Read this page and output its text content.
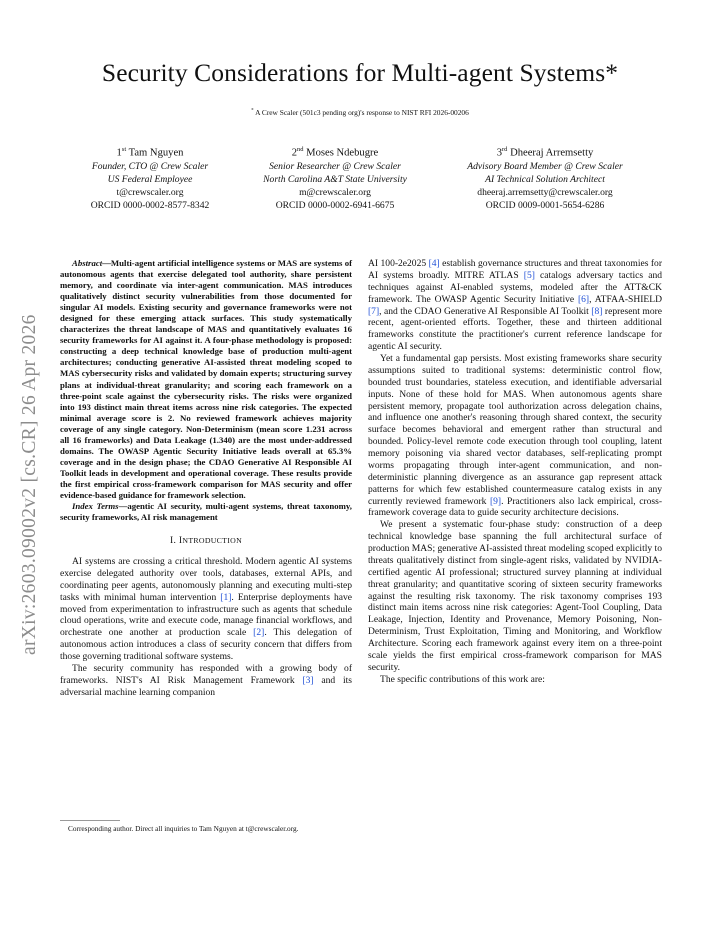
Security Considerations for Multi-agent Systems*
* A Crew Scaler (501c3 pending org)'s response to NIST RFI 2026-00206
1st Tam Nguyen
Founder, CTO @ Crew Scaler
US Federal Employee
t@crewscaler.org
ORCID 0000-0002-8577-8342
2nd Moses Ndebugre
Senior Researcher @ Crew Scaler
North Carolina A&T State University
m@crewscaler.org
ORCID 0000-0002-6941-6675
3rd Dheeraj Arremsetty
Advisory Board Member @ Crew Scaler
AI Technical Solution Architect
dheeraj.arremsetty@crewscaler.org
ORCID 0009-0001-5654-6286
arXiv:2603.09002v2 [cs.CR] 26 Apr 2026

Abstract—Multi-agent artificial intelligence systems or MAS are systems of autonomous agents that exercise delegated tool authority, share persistent memory, and coordinate via inter-agent communication. MAS introduces qualitatively distinct security vulnerabilities from those documented for singular AI models. Existing security and governance frameworks were not designed for these emerging attack surfaces. This study systematically characterizes the threat landscape of MAS and quantitatively evaluates 16 security frameworks for AI against it. A four-phase methodology is proposed: constructing a deep technical knowledge base of production multi-agent architectures; conducting generative AI-assisted threat modeling scoped to MAS cybersecurity risks and validated by domain experts; structuring survey plans at individual-threat granularity; and scoring each framework on a three-point scale against the cybersecurity risks. The risks were organized into 193 distinct main threat items across nine risk categories. The expected minimal average score is 2. No reviewed framework achieves majority coverage of any single category. Non-Determinism (mean score 1.231 across all 16 frameworks) and Data Leakage (1.340) are the most under-addressed domains. The OWASP Agentic Security Initiative leads overall at 65.3% coverage and in the design phase; the CDAO Generative AI Responsible AI Toolkit leads in development and operational coverage. These results provide the first empirical cross-framework comparison for MAS security and offer evidence-based guidance for framework selection.

Index Terms—agentic AI security, multi-agent systems, threat taxonomy, security frameworks, AI risk management

I. INTRODUCTION

AI systems are crossing a critical threshold. Modern agentic AI systems exercise delegated authority over tools, databases, external APIs, and coordinating peer agents, autonomously planning and executing multi-step tasks with minimal human intervention [1]. Enterprise deployments have moved from experimentation to infrastructure such as agents that schedule cloud operations, write and execute code, manage financial workflows, and orchestrate one another at production scale [2]. This delegation of autonomous action introduces a class of security concern that differs from those governing traditional software systems.

The security community has responded with a growing body of frameworks. NIST's AI Risk Management Framework [3] and its adversarial machine learning companion

Corresponding author. Direct all inquiries to Tam Nguyen at t@crewscaler.org.

AI 100-2e2025 [4] establish governance structures and threat taxonomies for AI systems broadly. MITRE ATLAS [5] catalogs adversary tactics and techniques against AI-enabled systems, modeled after the ATT&CK framework. The OWASP Agentic Security Initiative [6], ATFAA-SHIELD [7], and the CDAO Generative AI Responsible AI Toolkit [8] represent more recent, agent-oriented efforts. Together, these and thirteen additional frameworks constitute the practitioner's current reference landscape for agentic AI security.

Yet a fundamental gap persists. Most existing frameworks share security assumptions suited to traditional systems: deterministic control flow, bounded trust boundaries, stateless execution, and identifiable adversarial inputs. None of these hold for MAS. When autonomous agents share persistent memory, propagate tool authorization across delegation chains, and influence one another's reasoning through shared context, the security surface becomes behavioral and emergent rather than structural and bounded. Policy-level remote code execution through tool coupling, latent memory poisoning via shared vector databases, self-replicating prompt worms propagating through inter-agent communication, and non-deterministic planning divergence as an assurance gap represent attack patterns for which few established countermeasure catalog exists in any currently reviewed framework [9]. Practitioners also lack empirical, cross-framework coverage data to guide security architecture decisions.

We present a systematic four-phase study: construction of a deep technical knowledge base spanning the full architectural surface of production MAS; generative AI-assisted threat modeling scoped explicitly to threats qualitatively distinct from single-agent risks, validated by NVIDIA-certified agentic AI professional; structured survey planning at individual threat granularity; and quantitative scoring of sixteen security frameworks against the resulting risk taxonomy. The risk taxonomy comprises 193 distinct main items across nine risk categories: Agent-Tool Coupling, Data Leakage, Injection, Identity and Provenance, Memory Poisoning, Non-Determinism, Trust Exploitation, Timing and Monitoring, and Workflow Architecture. Scoring each framework against every item on a three-point scale yields the first empirical cross-framework comparison for MAS security.

The specific contributions of this work are:
